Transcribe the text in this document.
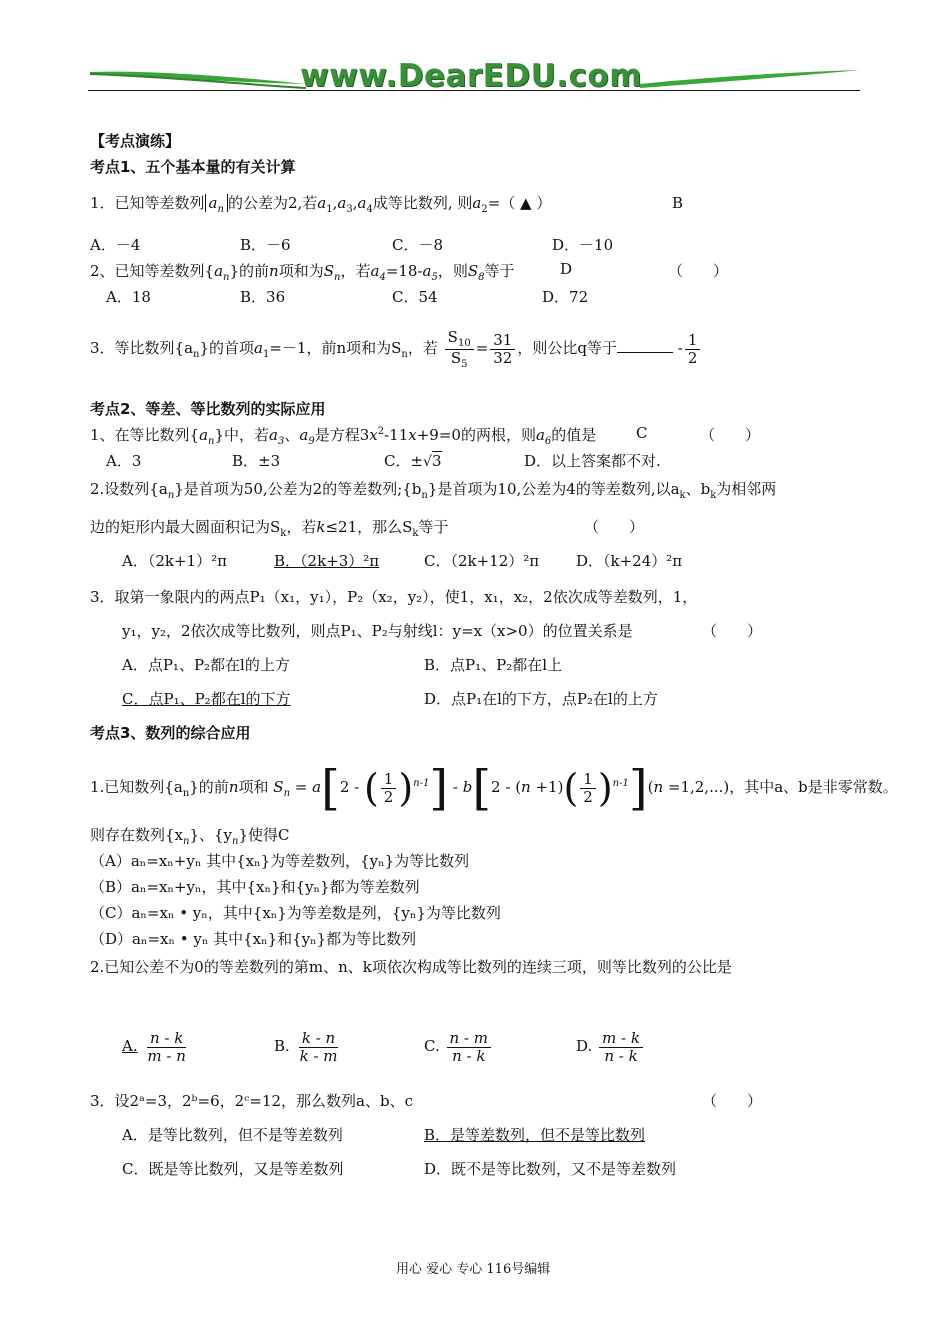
www.DearEDU.com
【考点演练】
考点1、五个基本量的有关计算
1．已知等差数列 $a_n$ 的公差为2,若$a_1,a_3,a_4$成等比数列, 则$a_2=$（ ▲ ）	B
A．－4	B．－6	C．－8	D．－10
2、已知等差数列$\{a_n\}$的前n项和为$S_n$，若$a_4=18-a_5$，则$S_8$等于	D	（　　）
A．18	B．36	C．54	D．72
3．等比数列$\{a_n\}$的首项$a_1=-1$，前n项和为$S_n$，若 $\frac{S_{10}}{S_5} = \frac{31}{32}$ ，则公比q等于	- $\frac{1}{2}$
考点2、等差、等比数列的实际应用
1、在等比数列$\{a_n\}$中，若$a_3$、$a_9$是方程$3x^2-11x+9=0$的两根，则$a_6$的值是	C	（　　）
A．3	B．±3	C．±√3	D．以上答案都不对.
2.设数列$\{a_n\}$是首项为50,公差为2的等差数列$;\{b_n\}$是首项为10,公差为4的等差数列,以$a_k$、$b_k$为相邻两
边的矩形内最大圆面积记为$S_k$，若k≤21，那么$S_k$等于	（　　）
A．（2k+1）²π	B．（2k+3）²π	C．（2k+12）²π D．（k+24）²π
3．取第一象限内的两点P₁（x₁，y₁），P₂（x₂，y₂），使1，x₁，x₂，2依次成等差数列，1，
y₁，y₂，2依次成等比数列，则点P₁、P₂与射线l：y=x（x>0）的位置关系是	（　　）
A．点P₁、P₂都在l的上方	B．点P₁、P₂都在l上
C．点P₁、P₂都在l的下方	D．点P₁在l的下方，点P₂在l的上方
考点3、数列的综合应用
1.已知数列$\{a_n\}$的前n项和 $S_n = a[2$ - ( $\frac{1}{2} )^{n-1}] - b[2 - (n +1)( \frac{1}{2} )^{n-1}](n =1,2,...)$，其中a、b是非零常数。
则存在数列$\{x_n\}$、$\{y_n\}$使得C
（A）aₙ=xₙ+yₙ 其中{xₙ}为等差数列，{yₙ}为等比数列
（B）aₙ=xₙ+yₙ，其中{xₙ}和{yₙ}都为等差数列
（C）aₙ=xₙ • yₙ，其中{xₙ}为等差数是列，{yₙ}为等比数列
（D）aₙ=xₙ • yₙ 其中{xₙ}和{yₙ}都为等比数列
2.已知公差不为0的等差数列的第m、n、k项依次构成等比数列的连续三项，则等比数列的公比是
A. $\frac{n - k}{m - n}$	B. $\frac{k - n}{k - m}$	C. $\frac{n - m}{n - k}$	D. $\frac{m - k}{n - k}$
3．设2ᵃ=3，2ᵇ=6，2ᶜ=12，那么数列a、b、c	（　　）
A．是等比数列，但不是等差数列	B．是等差数列，但不是等比数列
C．既是等比数列，又是等差数列	D．既不是等比数列，又不是等差数列
用心 爱心 专心 116号编辑
